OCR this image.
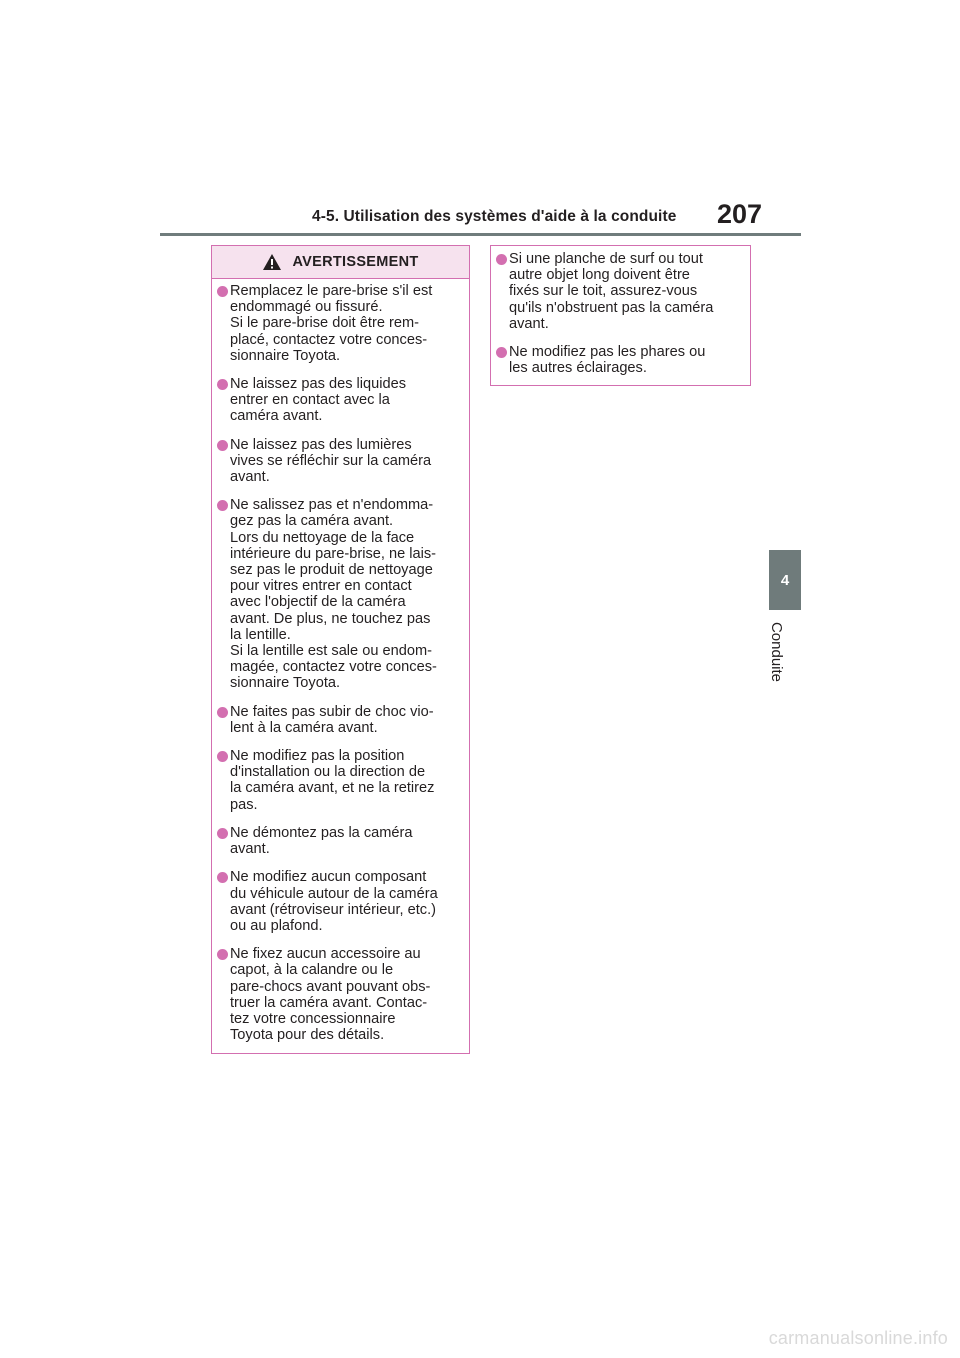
4-5. Utilisation des systèmes d'aide à la conduite 207
4
Conduite
AVERTISSEMENT
Remplacez le pare-brise s'il est
endommagé ou fissuré.
Si le pare-brise doit être rem-
placé, contactez votre conces-
sionnaire Toyota.
Ne laissez pas des liquides
entrer en contact avec la
caméra avant.
Ne laissez pas des lumières
vives se réfléchir sur la caméra
avant.
Ne salissez pas et n'endomma-
gez pas la caméra avant.
Lors du nettoyage de la face
intérieure du pare-brise, ne lais-
sez pas le produit de nettoyage
pour vitres entrer en contact
avec l'objectif de la caméra
avant. De plus, ne touchez pas
la lentille.
Si la lentille est sale ou endom-
magée, contactez votre conces-
sionnaire Toyota.
Ne faites pas subir de choc vio-
lent à la caméra avant.
Ne modifiez pas la position
d'installation ou la direction de
la caméra avant, et ne la retirez
pas.
Ne démontez pas la caméra
avant.
Ne modifiez aucun composant
du véhicule autour de la caméra
avant (rétroviseur intérieur, etc.)
ou au plafond.
Ne fixez aucun accessoire au
capot, à la calandre ou le
pare-chocs avant pouvant obs-
truer la caméra avant. Contac-
tez votre concessionnaire
Toyota pour des détails.
Si une planche de surf ou tout
autre objet long doivent être
fixés sur le toit, assurez-vous
qu'ils n'obstruent pas la caméra
avant.
Ne modifiez pas les phares ou
les autres éclairages.
carmanualsonline.info
